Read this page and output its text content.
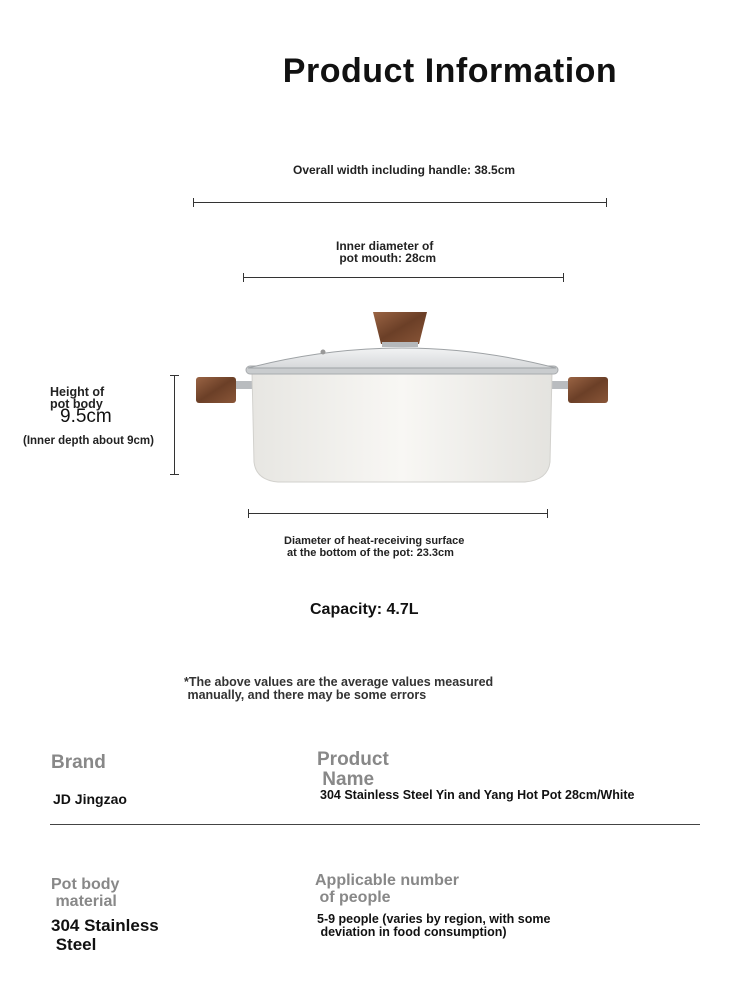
Product Information
Overall width including handle: 38.5cm
Inner diameter of
pot mouth: 28cm
Height of
pot body
9.5cm
(Inner depth about 9cm)
Diameter of heat-receiving surface
at the bottom of the pot: 23.3cm
Capacity: 4.7L
*The above values are the average values measured
manually, and there may be some errors
Brand
JD Jingzao
Product
Name
304 Stainless Steel Yin and Yang Hot Pot 28cm/White
Pot body
material
304 Stainless
Steel
Applicable number
of people
5-9 people (varies by region, with some
deviation in food consumption)
